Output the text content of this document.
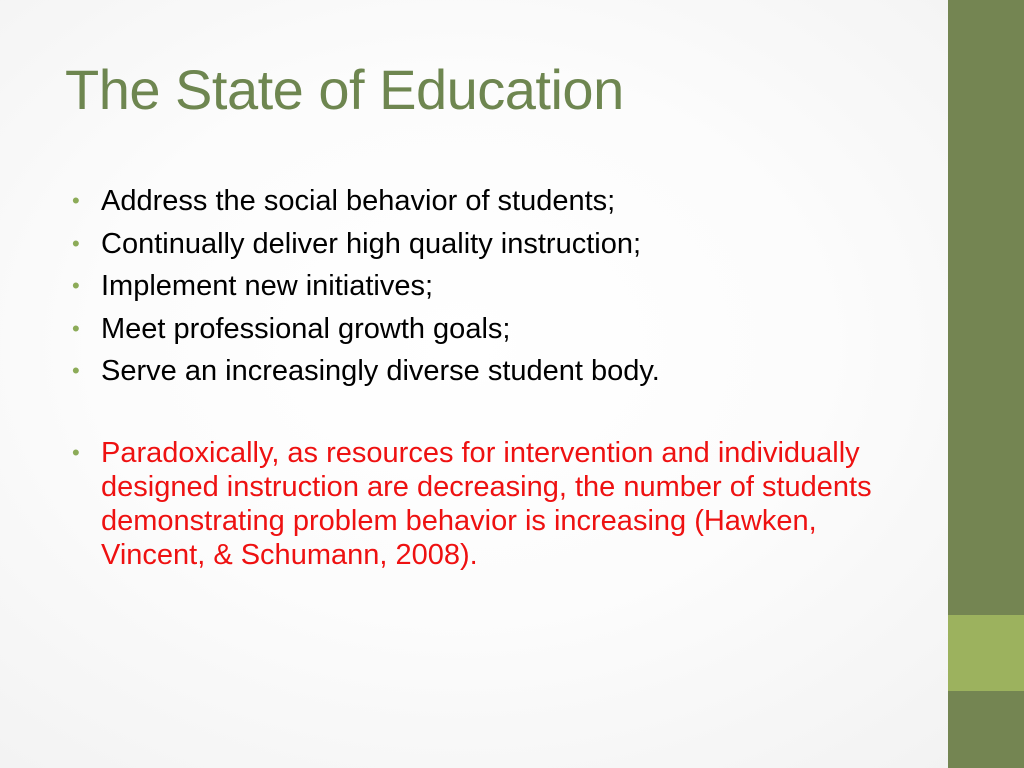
The State of Education
• Address the social behavior of students;
• Continually deliver high quality instruction;
• Implement new initiatives;
• Meet professional growth goals;
• Serve an increasingly diverse student body.
• Paradoxically, as resources for intervention and individually designed instruction are decreasing, the number of students demonstrating problem behavior is increasing (Hawken, Vincent, & Schumann, 2008).
